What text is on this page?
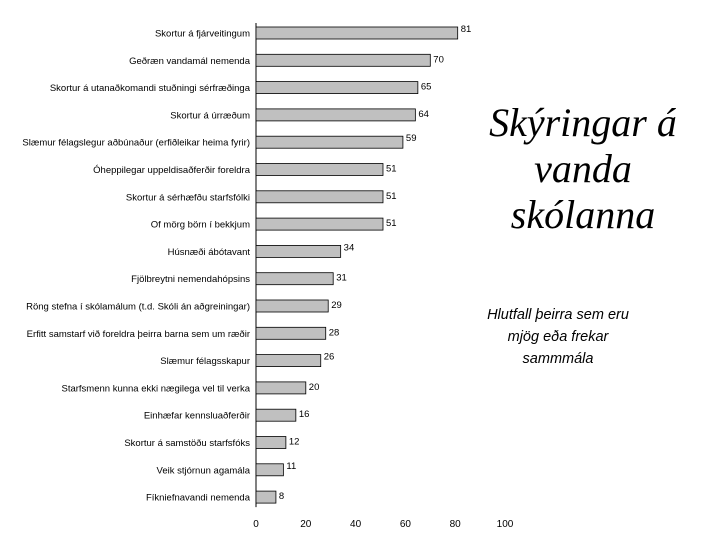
Skortur á fjárveitingum	81
Geðræn vandamál nemenda	70
Skortur á utanaðkomandi stuðningi sérfræðinga	65
Skortur á úrræðum	64
Slæmur félagslegur aðbúnaður (erfiðleikar heima fyrir)	59
Óheppilegar uppeldisaðferðir foreldra	51
Skortur á sérhæfðu starfsfólki	51
Of mörg börn í bekkjum	51
Húsnæði ábótavant	34
Fjölbreytni nemendahópsins	31
Röng stefna í skólamálum (t.d. Skóli án aðgreiningar)	29
Erfitt samstarf við foreldra þeirra barna sem um ræðir	28
Slæmur félagsskapur	26
Starfsmenn kunna ekki nægilega vel til verka	20
Einhæfar kennsluaðferðir	16
Skortur á samstöðu starfsfóks	12
Veik stjórnun agamála	11
Fíkniefnavandi nemenda	8
0	20	40	60	80	100
Skýringar á vanda skólanna
Hlutfall þeirra sem eru mjög eða frekar sammmála
